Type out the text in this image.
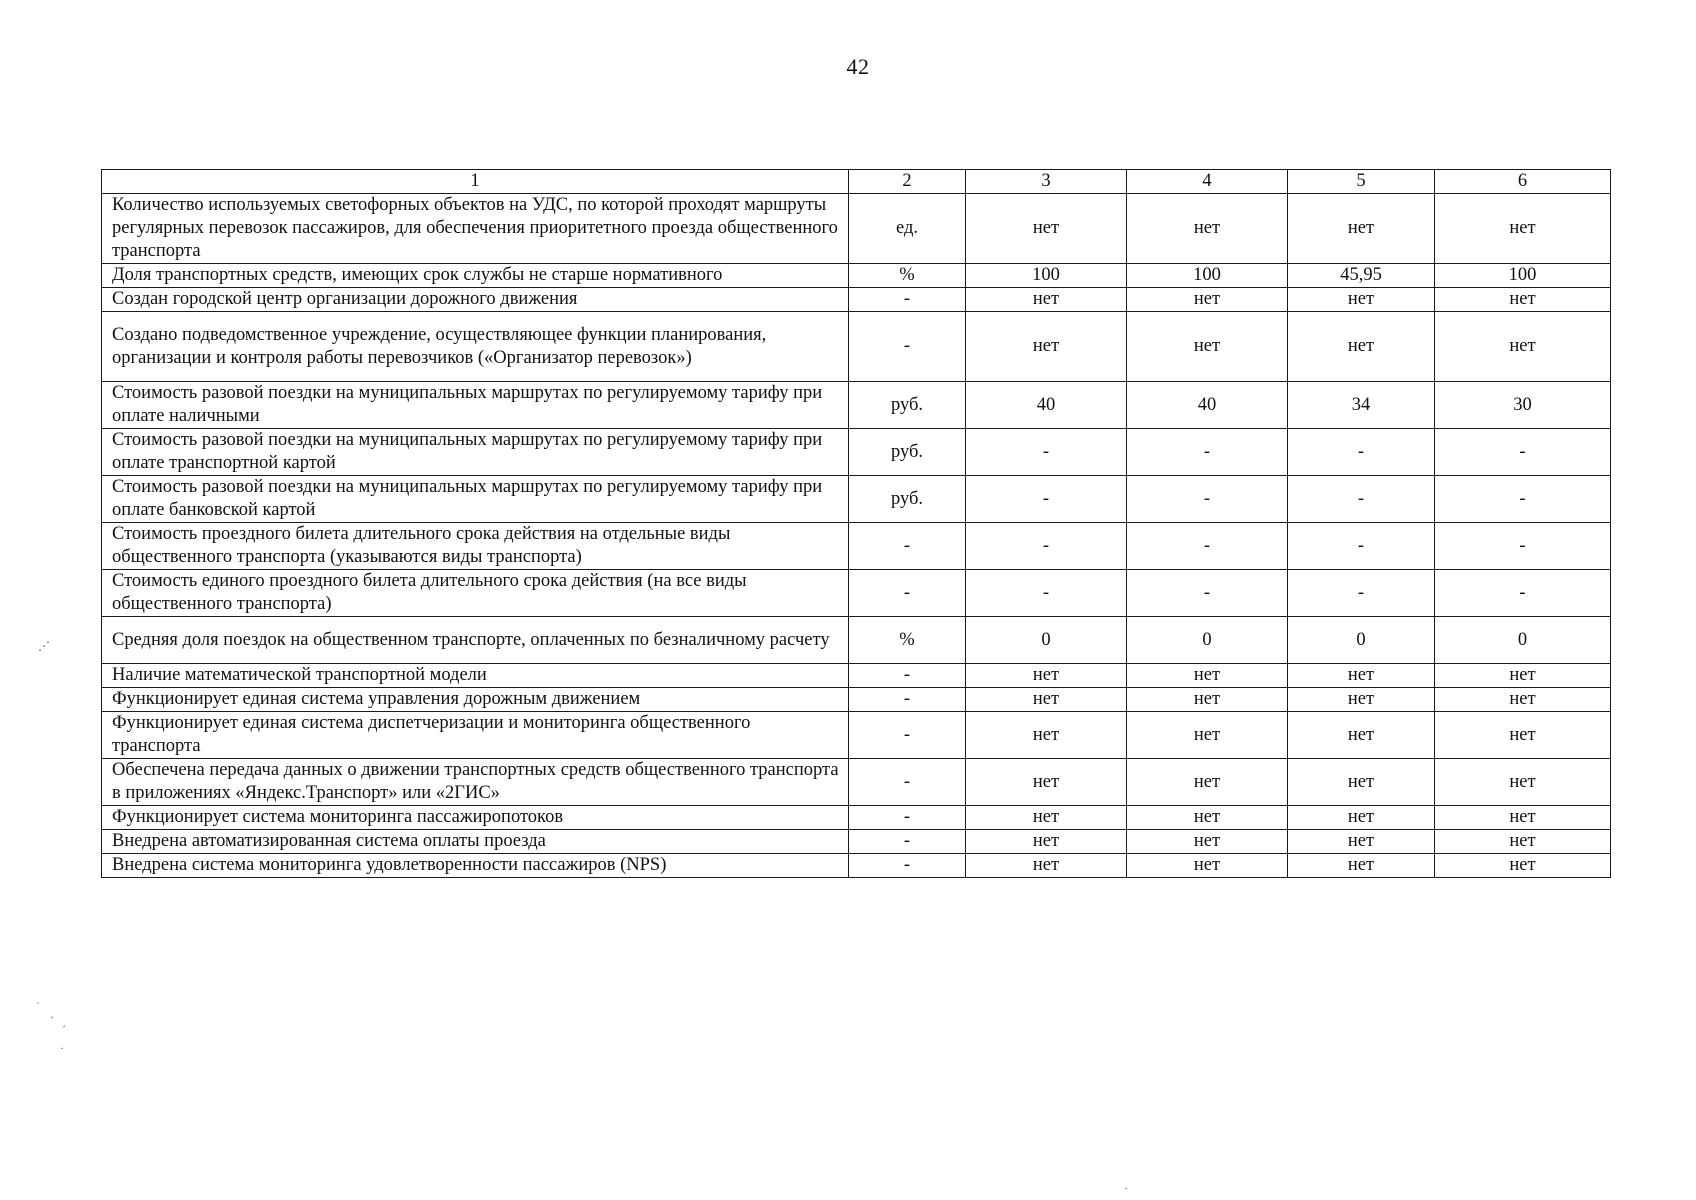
42
1	2	3	4	5	6
Количество используемых светофорных объектов на УДС, по которой проходят маршруты регулярных перевозок пассажиров, для обеспечения приоритетного проезда общественного транспорта	ед.	нет	нет	нет	нет
Доля транспортных средств, имеющих срок службы не старше нормативного	%	100	100	45,95	100
Создан городской центр организации дорожного движения	-	нет	нет	нет	нет
Создано подведомственное учреждение, осуществляющее функции планирования, организации и контроля работы перевозчиков («Организатор перевозок»)	-	нет	нет	нет	нет
Стоимость разовой поездки на муниципальных маршрутах по регулируемому тарифу при оплате наличными	руб.	40	40	34	30
Стоимость разовой поездки на муниципальных маршрутах по регулируемому тарифу при оплате транспортной картой	руб.	-	-	-	-
Стоимость разовой поездки на муниципальных маршрутах по регулируемому тарифу при оплате банковской картой	руб.	-	-	-	-
Стоимость проездного билета длительного срока действия на отдельные виды общественного транспорта (указываются виды транспорта)	-	-	-	-	-
Стоимость единого проездного билета длительного срока действия (на все виды общественного транспорта)	-	-	-	-	-
Средняя доля поездок на общественном транспорте, оплаченных по безналичному расчету	%	0	0	0	0
Наличие математической транспортной модели	-	нет	нет	нет	нет
Функционирует единая система управления дорожным движением	-	нет	нет	нет	нет
Функционирует единая система диспетчеризации и мониторинга общественного транспорта	-	нет	нет	нет	нет
Обеспечена передача данных о движении транспортных средств общественного транспорта в приложениях «Яндекс.Транспорт» или «2ГИС»	-	нет	нет	нет	нет
Функционирует система мониторинга пассажиропотоков	-	нет	нет	нет	нет
Внедрена автоматизированная система оплаты проезда	-	нет	нет	нет	нет
Внедрена система мониторинга удовлетворенности пассажиров (NPS)	-	нет	нет	нет	нет
⋰
˙ ˏ
ˊ
·
·
